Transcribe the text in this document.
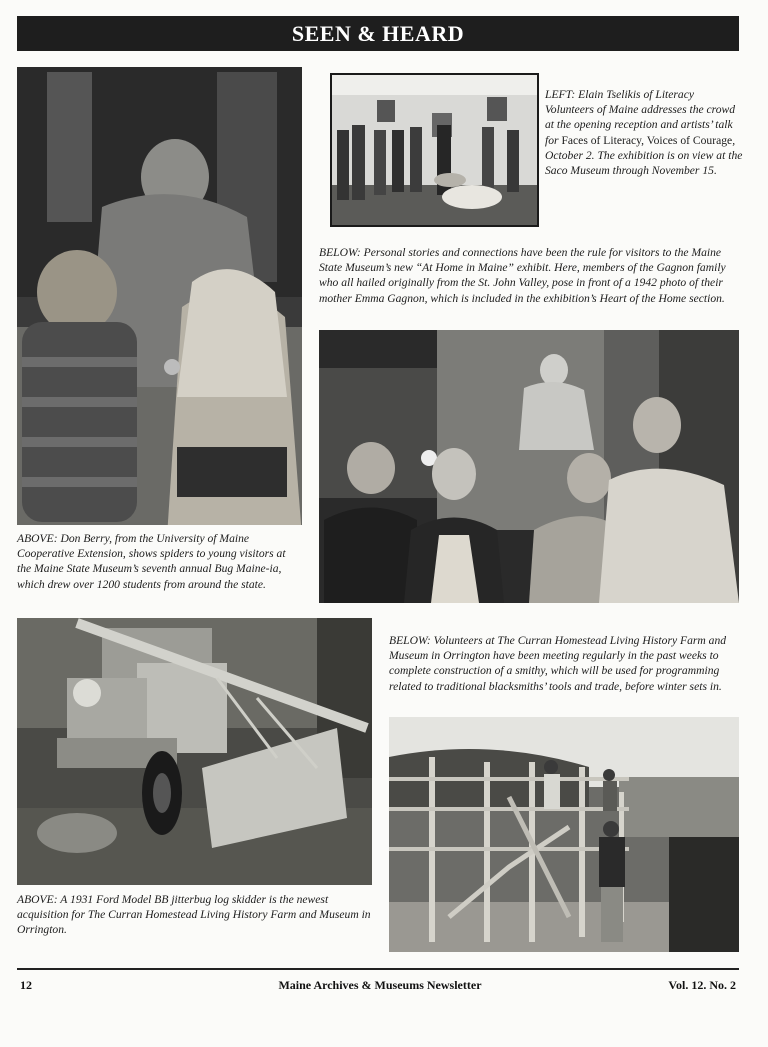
SEEN & HEARD
LEFT: Elain Tselikis of Literacy Volunteers of Maine addresses the crowd at the opening reception and artists’ talk for Faces of Literacy, Voices of Courage, October 2. The exhibition is on view at the Saco Museum through November 15.
BELOW: Personal stories and connections have been the rule for visitors to the Maine State Museum’s new “At Home in Maine” exhibit. Here, members of the Gagnon family who all hailed originally from the St. John Valley, pose in front of a 1942 photo of their mother Emma Gagnon, which is included in the exhibition’s Heart of the Home section.
ABOVE: Don Berry, from the University of Maine Cooperative Extension, shows spiders to young visitors at the Maine State Museum’s seventh annual Bug Maine-ia, which drew over 1200 students from around the state.
ABOVE: A 1931 Ford Model BB jitterbug log skidder is the newest acquisition for The Curran Homestead Living History Farm and Museum in Orrington.
BELOW: Volunteers at The Curran Homestead Living History Farm and Museum in Orrington have been meeting regularly in the past weeks to complete construction of a smithy, which will be used for programming related to traditional blacksmiths’ tools and trade, before winter sets in.
12	Maine Archives & Museums Newsletter	Vol. 12. No. 2
